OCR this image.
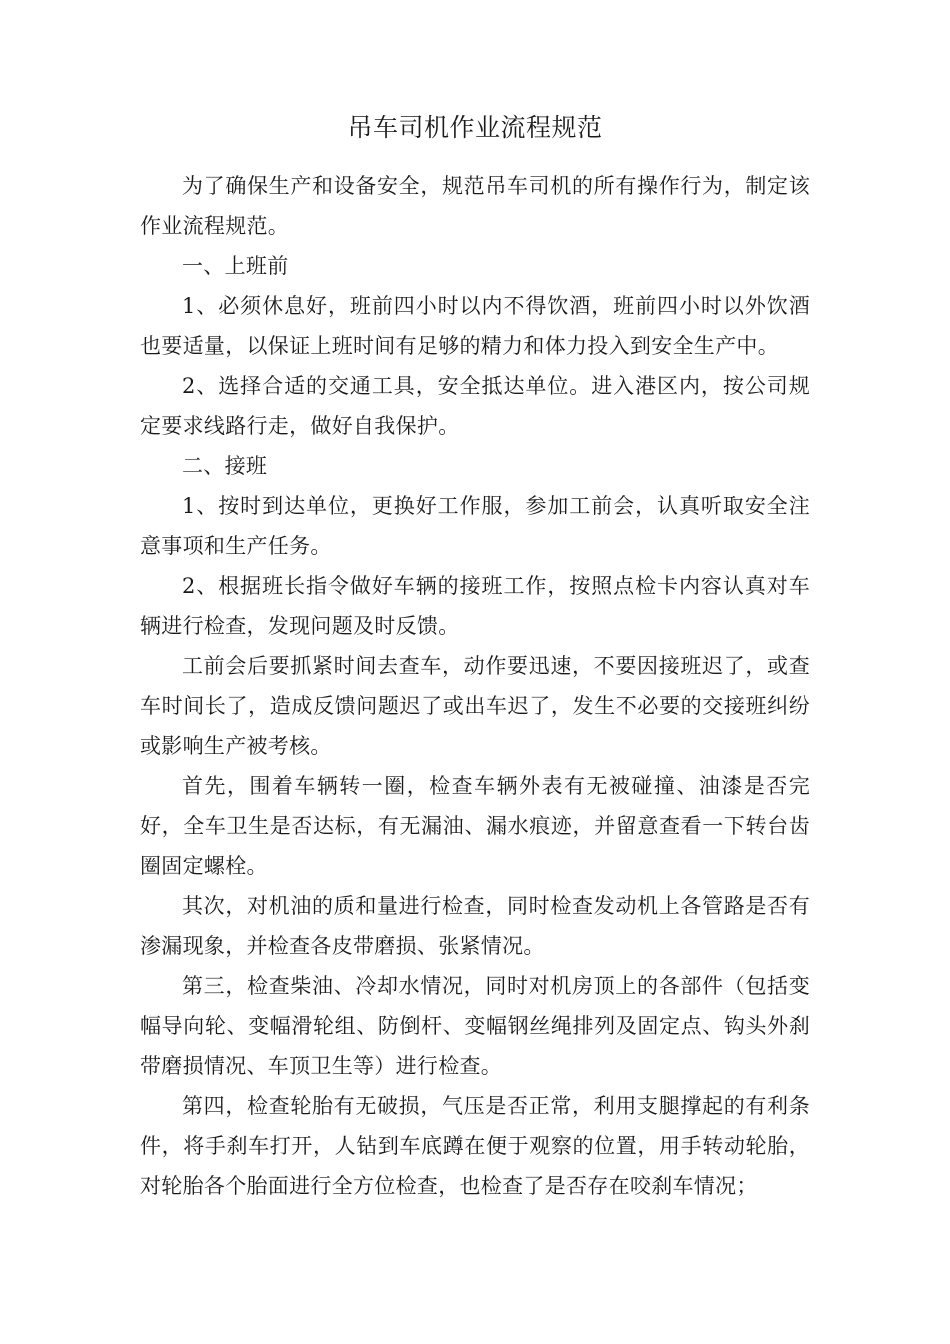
吊车司机作业流程规范

为了确保生产和设备安全，规范吊车司机的所有操作行为，制定该作业流程规范。

一、上班前

1、必须休息好，班前四小时以内不得饮酒，班前四小时以外饮酒也要适量，以保证上班时间有足够的精力和体力投入到安全生产中。

2、选择合适的交通工具，安全抵达单位。进入港区内，按公司规定要求线路行走，做好自我保护。

二、接班

1、按时到达单位，更换好工作服，参加工前会，认真听取安全注意事项和生产任务。

2、根据班长指令做好车辆的接班工作，按照点检卡内容认真对车辆进行检查，发现问题及时反馈。

工前会后要抓紧时间去查车，动作要迅速，不要因接班迟了，或查车时间长了，造成反馈问题迟了或出车迟了，发生不必要的交接班纠纷或影响生产被考核。

首先，围着车辆转一圈，检查车辆外表有无被碰撞、油漆是否完好，全车卫生是否达标，有无漏油、漏水痕迹，并留意查看一下转台齿圈固定螺栓。

其次，对机油的质和量进行检查，同时检查发动机上各管路是否有渗漏现象，并检查各皮带磨损、张紧情况。

第三，检查柴油、冷却水情况，同时对机房顶上的各部件（包括变幅导向轮、变幅滑轮组、防倒杆、变幅钢丝绳排列及固定点、钩头外刹带磨损情况、车顶卫生等）进行检查。

第四，检查轮胎有无破损，气压是否正常，利用支腿撑起的有利条件，将手刹车打开，人钻到车底蹲在便于观察的位置，用手转动轮胎，对轮胎各个胎面进行全方位检查，也检查了是否存在咬刹车情况；
